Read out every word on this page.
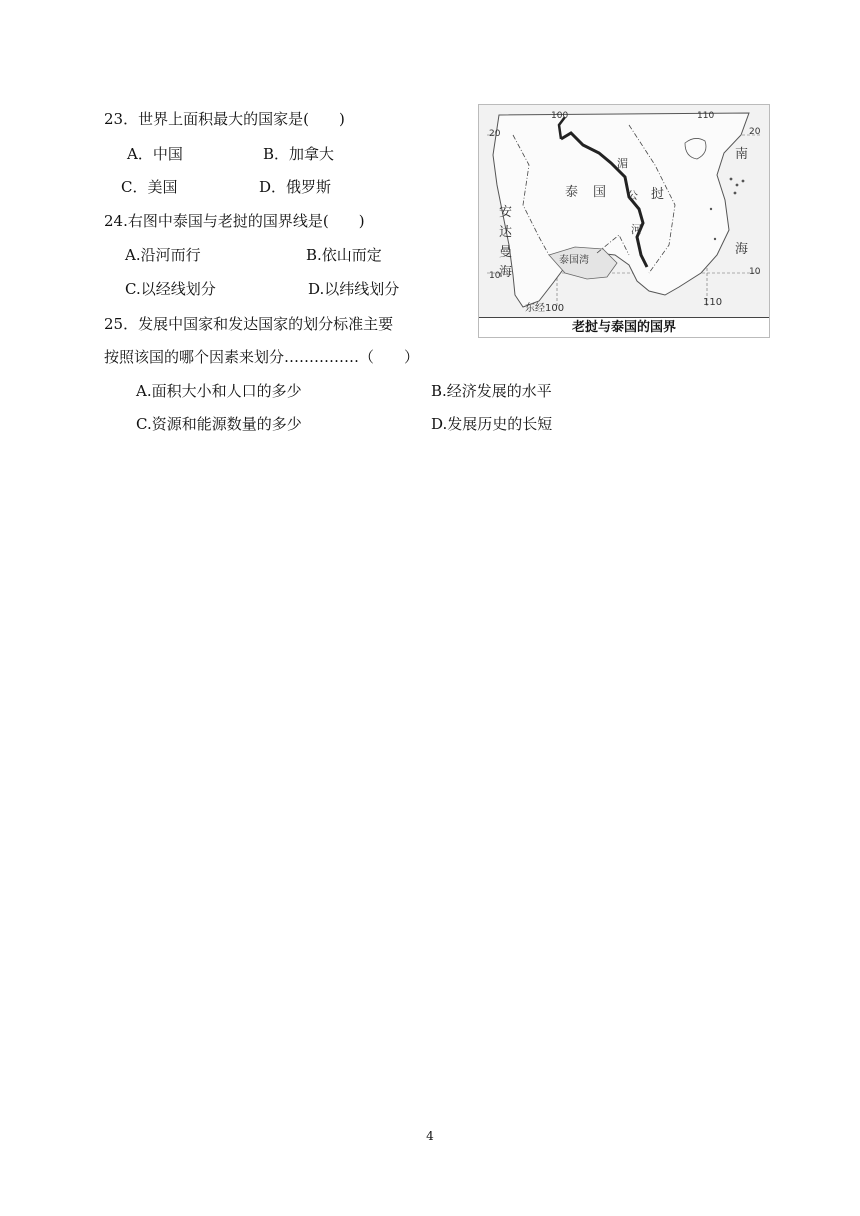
23．世界上面积最大的国家是(　　)
A．中国	B．加拿大
C．美国	D．俄罗斯
24.右图中泰国与老挝的国界线是(　　)
A.沿河而行	B.依山而定
C.以经线划分	D.以纬线划分
25．发展中国家和发达国家的划分标准主要
按照该国的哪个因素来划分……………（　　）
A.面积大小和人口的多少	B.经济发展的水平
C.资源和能源数量的多少	D.发展历史的长短
南
海
安
达
曼
海
泰 国
湄
公
河
挝
泰国湾
100	110
20	20
10	10
东经100
110
老挝与泰国的国界
4
